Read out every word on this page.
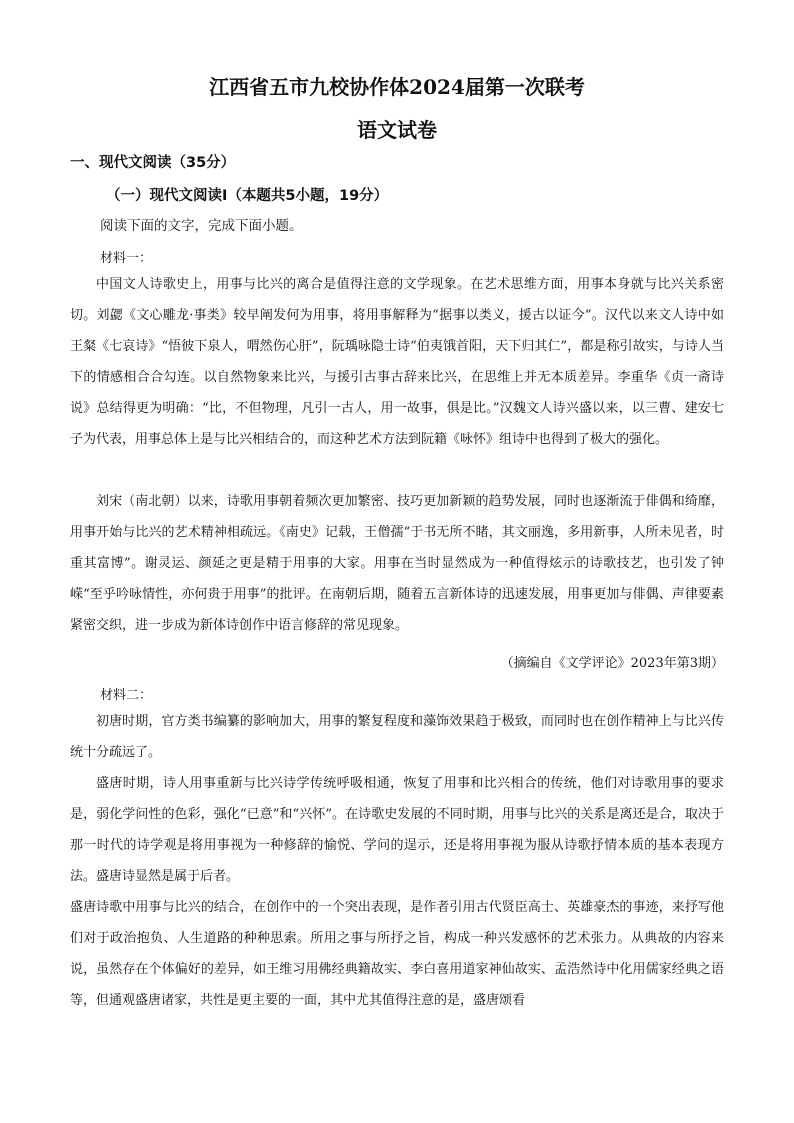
江西省五市九校协作体2024届第一次联考
语文试卷
一、现代文阅读（35分）
（一）现代文阅读Ⅰ（本题共5小题，19分）
阅读下面的文字，完成下面小题。
材料一：
中国文人诗歌史上，用事与比兴的离合是值得注意的文学现象。在艺术思维方面，用事本身就与比兴关系密切。刘勰《文心雕龙·事类》较早阐发何为用事，将用事解释为“据事以类义，援古以证今”。汉代以来文人诗中如王粲《七哀诗》“悟彼下泉人，喟然伤心肝”，阮瑀咏隐士诗“伯夷饿首阳，天下归其仁”，都是称引故实，与诗人当下的情感相合合勾连。以自然物象来比兴，与援引古事古辞来比兴，在思维上并无本质差异。李重华《贞一斋诗说》总结得更为明确：“比，不但物理，凡引一古人，用一故事，俱是比。”汉魏文人诗兴盛以来，以三曹、建安七子为代表，用事总体上是与比兴相结合的，而这种艺术方法到阮籍《咏怀》组诗中也得到了极大的强化。
刘宋（南北朝）以来，诗歌用事朝着频次更加繁密、技巧更加新颖的趋势发展，同时也逐渐流于俳偶和绮靡，用事开始与比兴的艺术精神相疏远。《南史》记载，王僧孺“于书无所不睹，其文丽逸，多用新事，人所未见者，时重其富博”。谢灵运、颜延之更是精于用事的大家。用事在当时显然成为一种值得炫示的诗歌技艺，也引发了钟嵘“至乎吟咏情性，亦何贵于用事”的批评。在南朝后期，随着五言新体诗的迅速发展，用事更加与俳偶、声律要素紧密交织，进一步成为新体诗创作中语言修辞的常见现象。
（摘编自《文学评论》2023年第3期）
材料二：
初唐时期，官方类书编纂的影响加大，用事的繁复程度和藻饰效果趋于极致，而同时也在创作精神上与比兴传统十分疏远了。
盛唐时期，诗人用事重新与比兴诗学传统呼吸相通，恢复了用事和比兴相合的传统，他们对诗歌用事的要求是，弱化学问性的色彩，强化“已意”和“兴怀”。在诗歌史发展的不同时期，用事与比兴的关系是离还是合，取决于那一时代的诗学观是将用事视为一种修辞的愉悦、学问的逞示，还是将用事视为服从诗歌抒情本质的基本表现方法。盛唐诗显然是属于后者。
盛唐诗歌中用事与比兴的结合，在创作中的一个突出表现，是作者引用古代贤臣高士、英雄豪杰的事迹，来抒写他们对于政治抱负、人生道路的种种思索。所用之事与所抒之旨，构成一种兴发感怀的艺术张力。从典故的内容来说，虽然存在个体偏好的差异，如王维习用佛经典籍故实、李白喜用道家神仙故实、孟浩然诗中化用儒家经典之语等，但通观盛唐诸家，共性是更主要的一面，其中尤其值得注意的是，盛唐颂看
